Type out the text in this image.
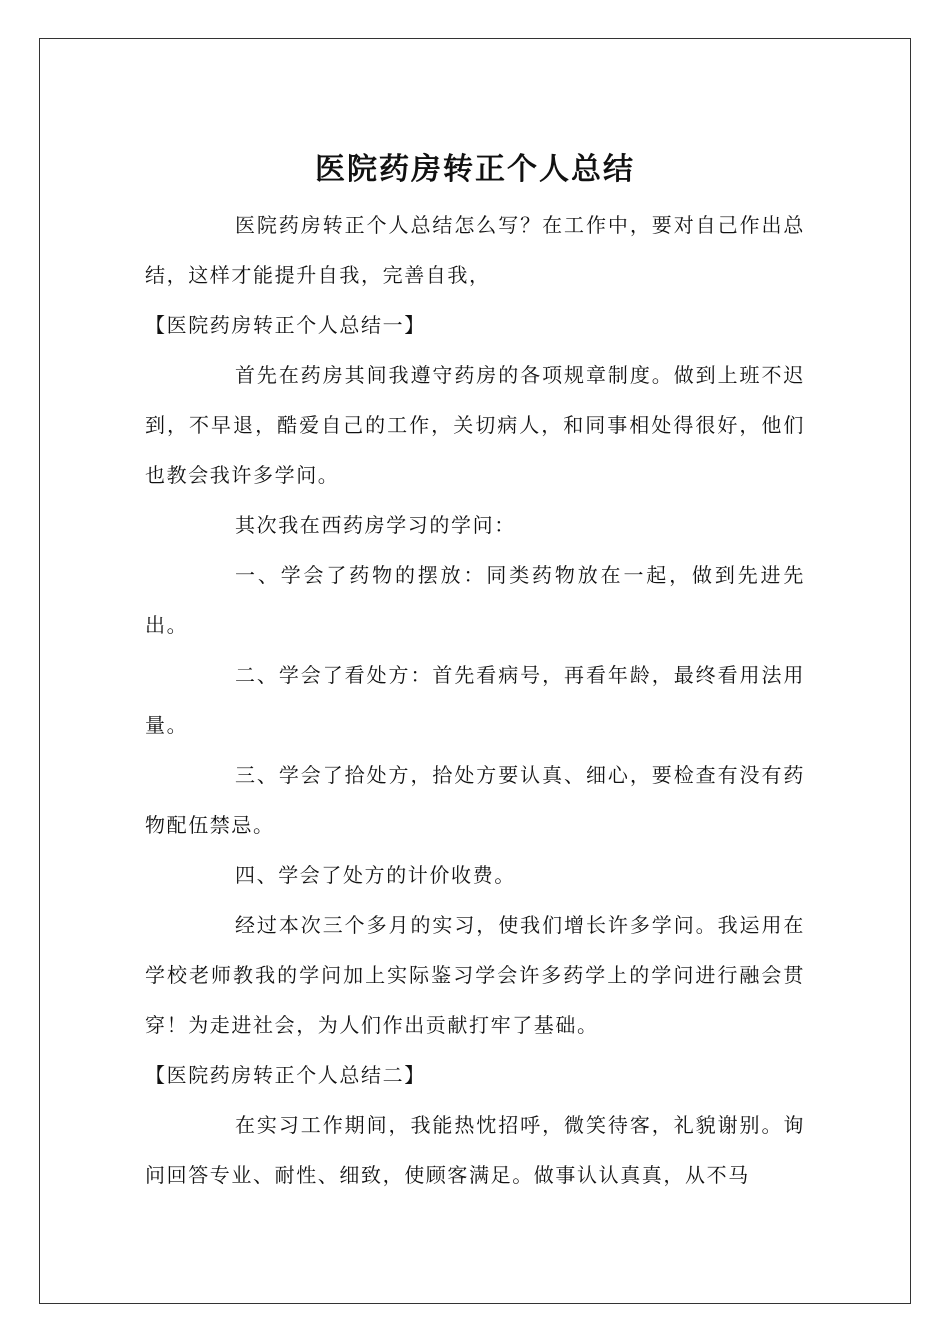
医院药房转正个人总结

医院药房转正个人总结怎么写？在工作中，要对自己作出总结，这样才能提升自我，完善自我，

【医院药房转正个人总结一】

首先在药房其间我遵守药房的各项规章制度。做到上班不迟到，不早退，酷爱自己的工作，关切病人，和同事相处得很好，他们也教会我许多学问。

其次我在西药房学习的学问：

一、学会了药物的摆放：同类药物放在一起，做到先进先出。

二、学会了看处方：首先看病号，再看年龄，最终看用法用量。

三、学会了拾处方，拾处方要认真、细心，要检查有没有药物配伍禁忌。

四、学会了处方的计价收费。

经过本次三个多月的实习，使我们增长许多学问。我运用在学校老师教我的学问加上实际鉴习学会许多药学上的学问进行融会贯穿！为走进社会，为人们作出贡献打牢了基础。

【医院药房转正个人总结二】

在实习工作期间，我能热忱招呼，微笑待客，礼貌谢别。询问回答专业、耐性、细致，使顾客满足。做事认认真真，从不马
